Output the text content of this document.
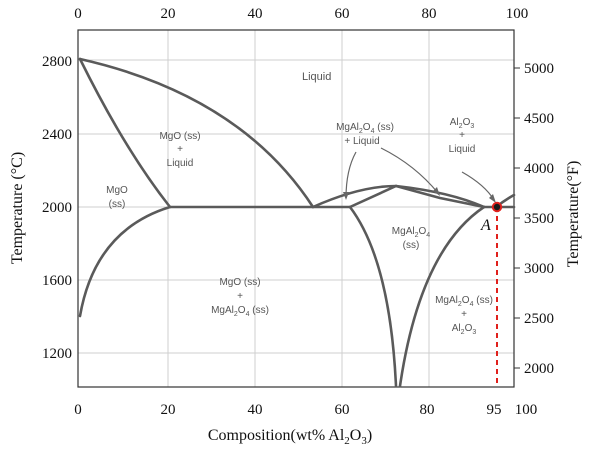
Liquid
MgO (ss)
+
Liquid
MgO
(ss)
$MgAl_2O_4$ (ss)
+ Liquid
$Al_2O_3$
+
Liquid
$MgAl_2O_4$
(ss)
MgO (ss)
+
$MgAl_2O_4$ (ss)
$MgAl_2O_4$ (ss)
+
$Al_2O_3$
A
0	20	40	60	80	100
0	20	40	60	80	95 100
2800
2400
2000
1600
1200
5000
4500
4000
3500
3000
2500
2000
Composition(wt% $Al_2O_3$)
Temperature (°C)	Temperature(°F)
